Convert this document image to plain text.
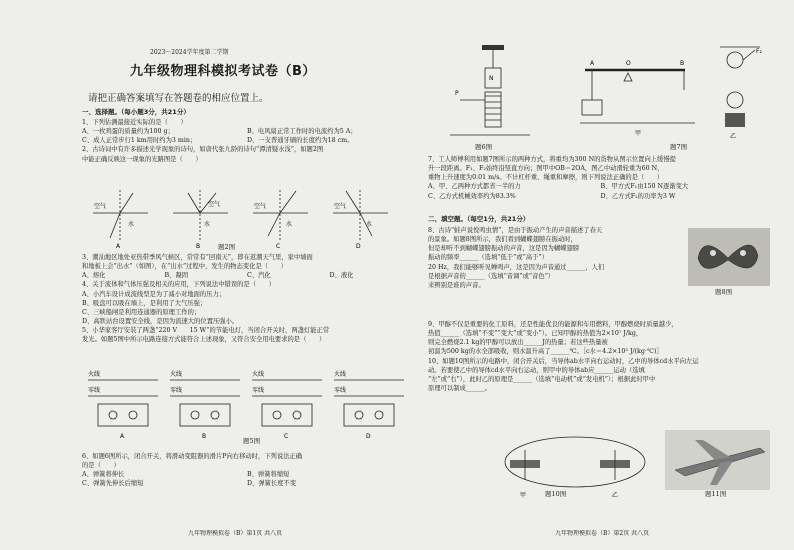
2023～2024学年度第二学期
九年级物理科模拟考试卷（B）
请把正确答案填写在答题卷的相应位置上。
一、选择题。（每小题3分，共21分）
1、下列估测最接近实际的是（　　）
A、一枚鸡蛋的质量约为100 g；	B、电风扇正常工作时的电流约为5 A；
C、成人正常步行1 km用时约为3 min；	D、一支普通牙刷的长度约为18 cm。
2、古诗词中有许多描述光学现象的诗句，如唐代张九龄的诗句“潭清疑水浅”，如题2图
中能正确反映这一现象的光路图是（　　）
空气
水
A
空气
水
B
空气
水
C
空气
水
D
题2图
3、潮汕地区地处亚热带季风气候区，常常有“回南天”，即在返潮天气里，家中墙面
和地板上会“出水”（如图），在“出水”过程中，发生的物态变化是（　　）
A、熔化	B、凝固	C、汽化	D、液化
4、关于流体和气体压强及相关的应用，下列说法中错误的是（　　）
A、小汽车设计成流线型是为了减小对地面的压力；
B、吸盘可以吸在墙上，是利用了大气压强；
C、三峡船闸是利用连通器的原理工作的；
D、高铁站台设置安全线，是因为流速大的位置压强小。
5、小华家客厅安装了两盏“220 V　　15 W”的节能电灯，当闭合开关时，两盏灯能正常
发光。如题5图中所示电路连接方式能符合上述现象，又符合安全用电要求的是（　　）
火线
零线
A
火线
零线
B
火线
零线
C
火线
零线
D
题5图
6、如题6图所示，闭合开关，将滑动变阻器的滑片P向右移动时，下列说法正确
的是（　　）
A、弹簧将伸长	B、弹簧将缩短
C、弹簧先伸长后缩短	D、弹簧长度不变
九年物理模拟卷（B）第1页 共八页
N
P
题6图
A	O	B
甲
F₂
乙
题7图
7、工人师傅利用如题7图所示的两种方式，将重均为300 N的货物从图示位置向上缓慢提
升一段距离。F₁、F₂始终沿竖直方向；图甲中OB＝2OA，图乙中动滑轮重为60 N，
重物上升速度为0.01 m/s。不计杠杆重、绳重和摩擦，则下列说法正确的是（　　）
A、甲、乙两种方式都省一半的力	B、甲方式F₁由150 N逐渐变大
C、乙方式机械效率约为83.3%	D、乙方式F₂的功率为3 W
二、填空题。（每空1分，共21分）
8、古诗“蛙声说悦鸣虫情”，是由于振动产生的声音描述了春天
的景象。如题8图所示，我们看到蝴蝶翅膀在振动时，
但是却听不到蝴蝶翅膀振动的声音，这是因为蝴蝶翅膀
振动的频率______（选填“低于”或“高于”）
20 Hz，我们能够听见蝉鸣声，这是因为声音通过______，人们
是根据声音的______（选填“音调”或“音色”）
来辨别是谁的声音。
题8图
9、甲醇不仅是重要的化工原料，还是性能优良的能源和车用燃料，甲醇燃烧时质量越少，
热值______（选填“不变”“变大”或“变小”）。已知甲醇的热值为2×10⁷ J/kg，
则完全燃烧2.1 kg的甲醇可以放出______J的热量；若这些热量被
初温为500 kg的水全部吸收，则水温升高了______℃。［c水＝4.2×10³ J/(kg·℃)］
10、如题10图所示的电路中，闭合开关后，当导体ab水平向右运动时，乙中的导体cd水平向左运
动。若要使乙中的导体cd水平向右运动，则甲中的导体ab应______运动（选填
“左”或“右”），此时乙的原理是______（选填“电动机”或“发电机”）；根据此时甲中
原理可以制成______。
甲	乙
题10图	题11图
九年物理模拟卷（B）第2页 共八页
